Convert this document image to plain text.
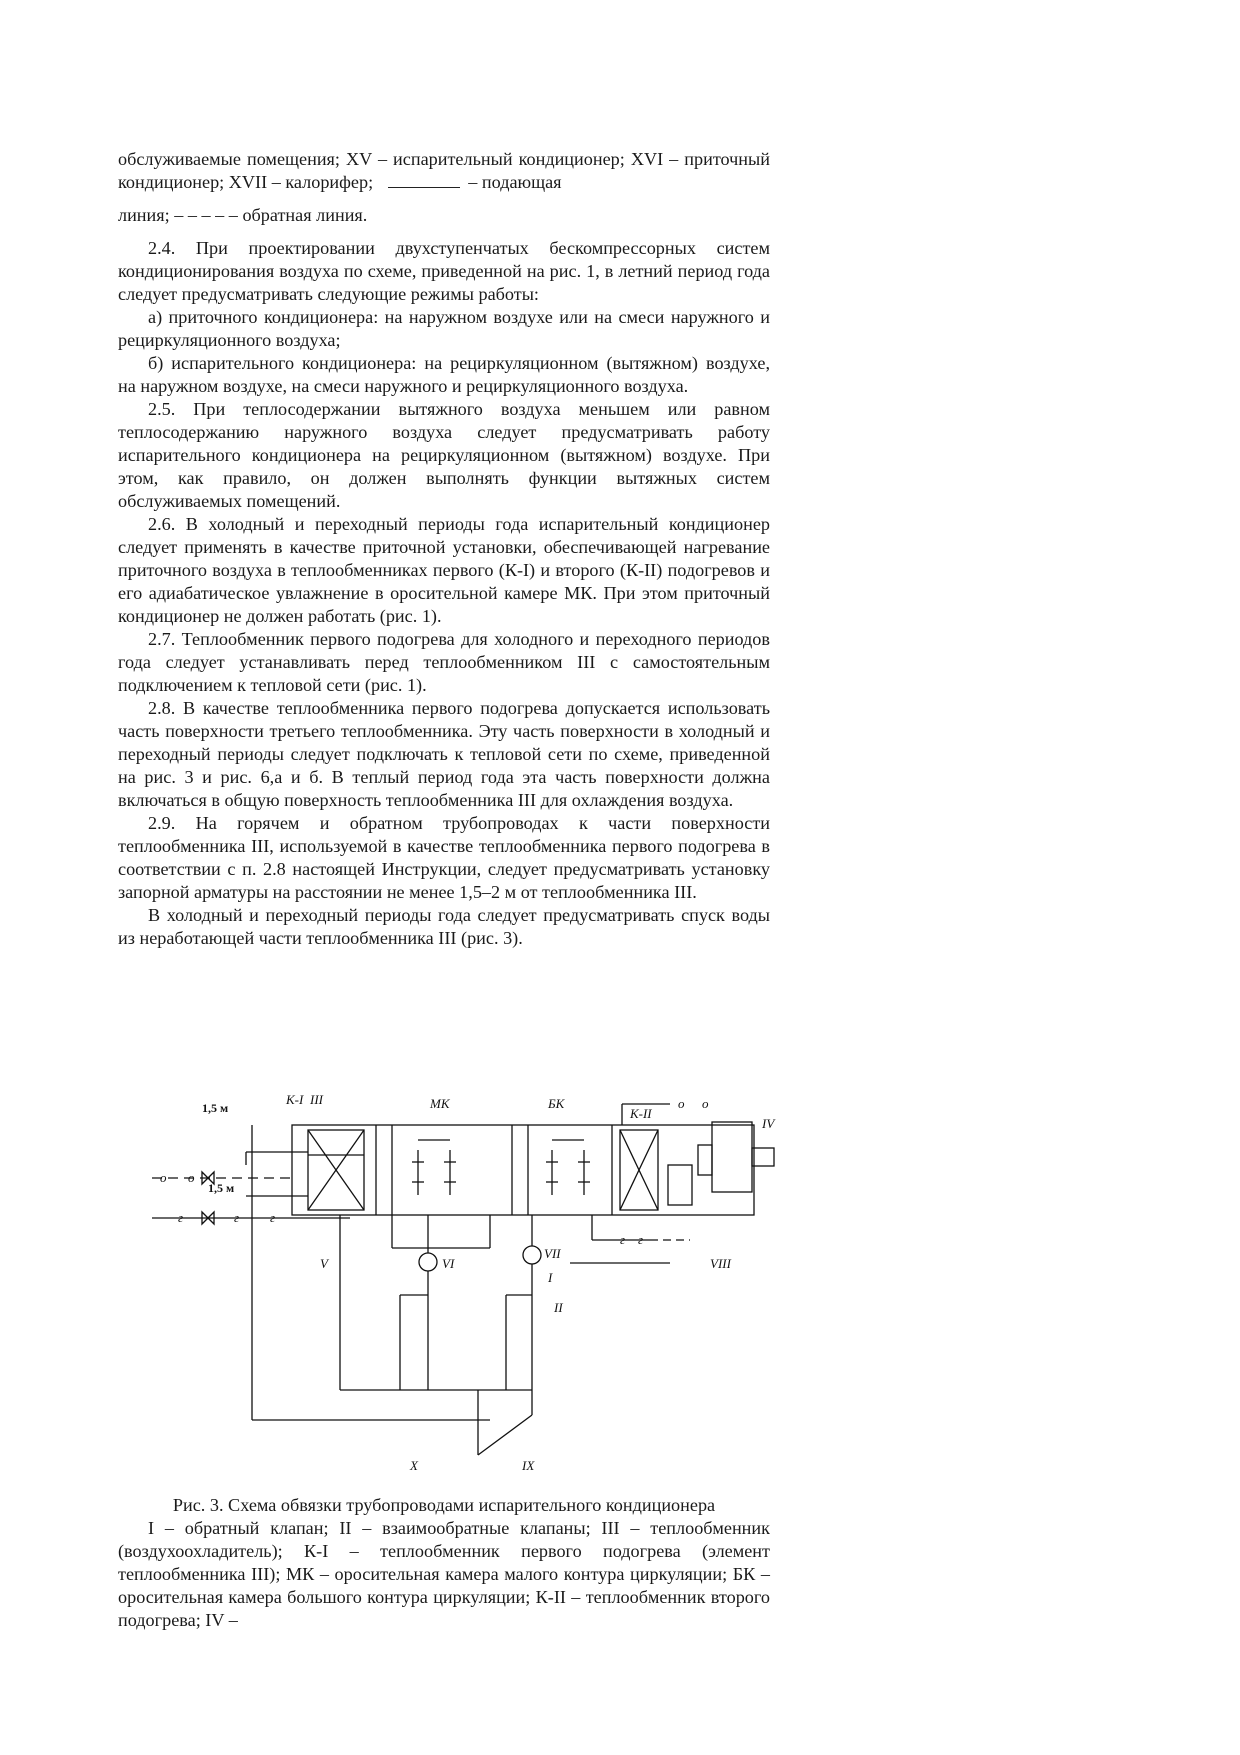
обслуживаемые помещения; XV – испарительный кондиционер; XVI – приточный кондиционер; XVII – калорифер;	– подающая

линия; – – – – – обратная линия.

2.4. При проектировании двухступенчатых бескомпрессорных систем кондиционирования воздуха по схеме, приведенной на рис. 1, в летний период года следует предусматривать следующие режимы работы:

а) приточного кондиционера: на наружном воздухе или на смеси наружного и рециркуляционного воздуха;

б) испарительного кондиционера: на рециркуляционном (вытяжном) воздухе, на наружном воздухе, на смеси наружного и рециркуляционного воздуха.

2.5. При теплосодержании вытяжного воздуха меньшем или равном теплосодержанию наружного воздуха следует предусматривать работу испарительного кондиционера на рециркуляционном (вытяжном) воздухе. При этом, как правило, он должен выполнять функции вытяжных систем обслуживаемых помещений.

2.6. В холодный и переходный периоды года испарительный кондиционер следует применять в качестве приточной установки, обеспечивающей нагревание приточного воздуха в теплообменниках первого (К-I) и второго (К-II) подогревов и его адиабатическое увлажнение в оросительной камере МК. При этом приточный кондиционер не должен работать (рис. 1).

2.7. Теплообменник первого подогрева для холодного и переходного периодов года следует устанавливать перед теплообменником III с самостоятельным подключением к тепловой сети (рис. 1).

2.8. В качестве теплообменника первого подогрева допускается использовать часть поверхности третьего теплообменника. Эту часть поверхности в холодный и переходный периоды следует подключать к тепловой сети по схеме, приведенной на рис. 3 и рис. 6,а и б. В теплый период года эта часть поверхности должна включаться в общую поверхность теплообменника III для охлаждения воздуха.

2.9. На горячем и обратном трубопроводах к части поверхности теплообменника III, используемой в качестве теплообменника первого подогрева в соответствии с п. 2.8 настоящей Инструкции, следует предусматривать установку запорной арматуры на расстоянии не менее 1,5–2 м от теплообменника III.

В холодный и переходный периоды года следует предусматривать спуск воды из неработающей части теплообменника III (рис. 3).

1,5 м
1,5 м
К-I III	МК	БК
К-II
IV
V	VI
VII
VIII
I
II
X	IX
г	г г
г г
о о
о о

Рис. 3. Схема обвязки трубопроводами испарительного кондиционера

I – обратный клапан; II – взаимообратные клапаны; III – теплообменник (воздухоохладитель); К-I – теплообменник первого подогрева (элемент теплообменника III); МК – оросительная камера малого контура циркуляции; БК – оросительная камера большого контура циркуляции; К-II – теплообменник второго подогрева; IV –
